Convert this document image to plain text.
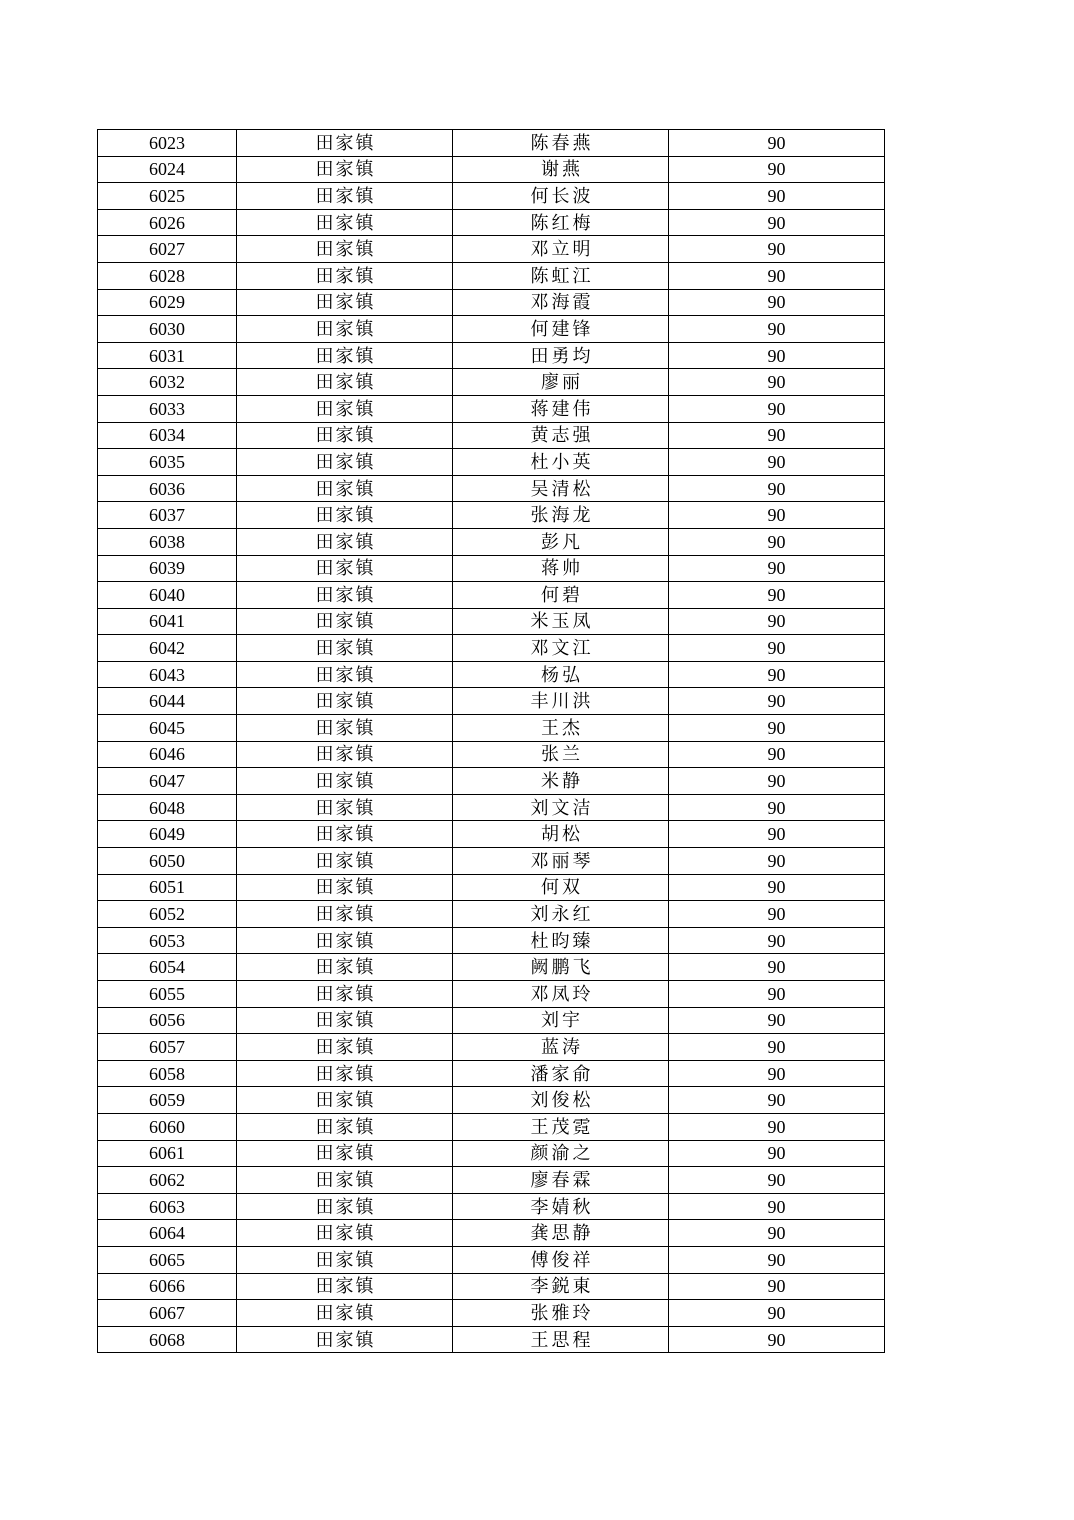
6023	田家镇	陈春燕	90
6024	田家镇	谢燕	90
6025	田家镇	何长波	90
6026	田家镇	陈红梅	90
6027	田家镇	邓立明	90
6028	田家镇	陈虹江	90
6029	田家镇	邓海霞	90
6030	田家镇	何建锋	90
6031	田家镇	田勇均	90
6032	田家镇	廖丽	90
6033	田家镇	蒋建伟	90
6034	田家镇	黄志强	90
6035	田家镇	杜小英	90
6036	田家镇	吴清松	90
6037	田家镇	张海龙	90
6038	田家镇	彭凡	90
6039	田家镇	蒋帅	90
6040	田家镇	何碧	90
6041	田家镇	米玉凤	90
6042	田家镇	邓文江	90
6043	田家镇	杨弘	90
6044	田家镇	丰川洪	90
6045	田家镇	王杰	90
6046	田家镇	张兰	90
6047	田家镇	米静	90
6048	田家镇	刘文洁	90
6049	田家镇	胡松	90
6050	田家镇	邓丽琴	90
6051	田家镇	何双	90
6052	田家镇	刘永红	90
6053	田家镇	杜昀臻	90
6054	田家镇	阙鹏飞	90
6055	田家镇	邓凤玲	90
6056	田家镇	刘宇	90
6057	田家镇	蓝涛	90
6058	田家镇	潘家俞	90
6059	田家镇	刘俊松	90
6060	田家镇	王茂霓	90
6061	田家镇	颜渝之	90
6062	田家镇	廖春霖	90
6063	田家镇	李婧秋	90
6064	田家镇	龚思静	90
6065	田家镇	傅俊祥	90
6066	田家镇	李鋭東	90
6067	田家镇	张雅玲	90
6068	田家镇	王思程	90
